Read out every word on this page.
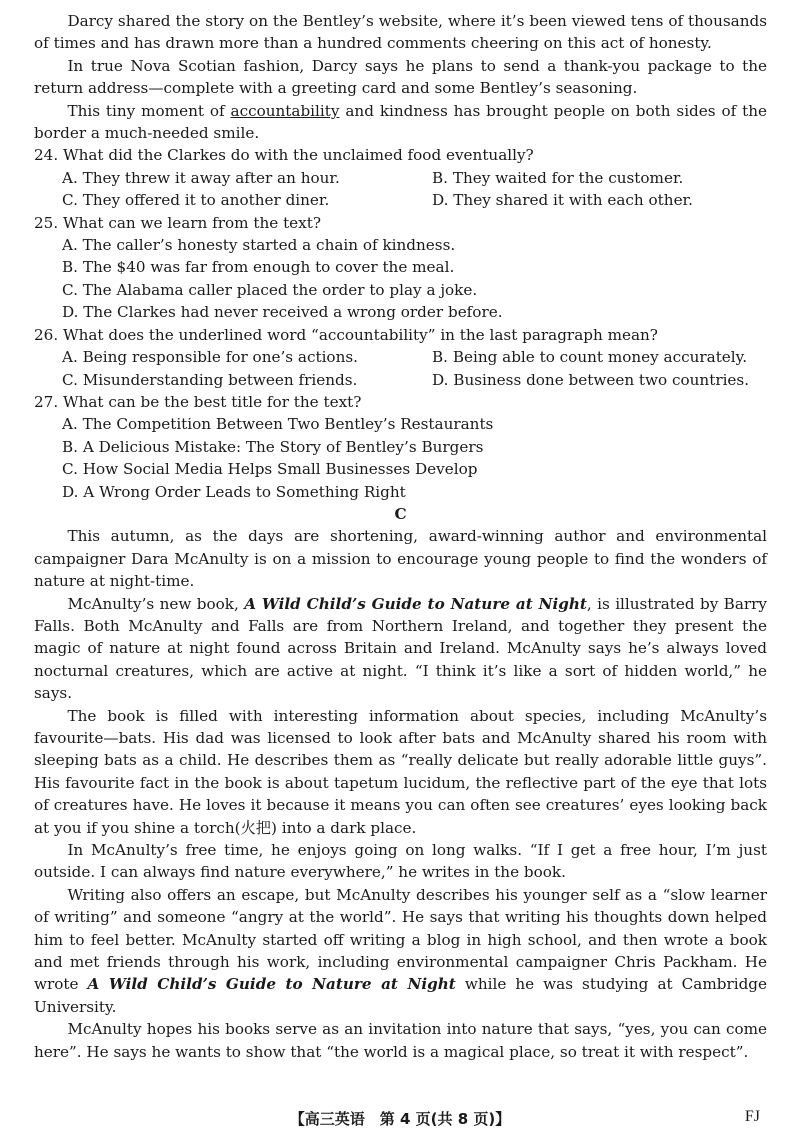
Darcy shared the story on the Bentley’s website, where it’s been viewed tens of thousands of times and has drawn more than a hundred comments cheering on this act of honesty.

In true Nova Scotian fashion, Darcy says he plans to send a thank-you package to the return address—complete with a greeting card and some Bentley’s seasoning.

This tiny moment of accountability and kindness has brought people on both sides of the border a much-needed smile.

24. What did the Clarkes do with the unclaimed food eventually?

A. They threw it away after an hour.	B. They waited for the customer.

C. They offered it to another diner.	D. They shared it with each other.

25. What can we learn from the text?

A. The caller’s honesty started a chain of kindness.

B. The $40 was far from enough to cover the meal.

C. The Alabama caller placed the order to play a joke.

D. The Clarkes had never received a wrong order before.

26. What does the underlined word “accountability” in the last paragraph mean?

A. Being responsible for one’s actions.	B. Being able to count money accurately.

C. Misunderstanding between friends.	D. Business done between two countries.

27. What can be the best title for the text?

A. The Competition Between Two Bentley’s Restaurants

B. A Delicious Mistake: The Story of Bentley’s Burgers

C. How Social Media Helps Small Businesses Develop

D. A Wrong Order Leads to Something Right

C

This autumn, as the days are shortening, award-winning author and environmental campaigner Dara McAnulty is on a mission to encourage young people to find the wonders of nature at night-time.

McAnulty’s new book, A Wild Child’s Guide to Nature at Night, is illustrated by Barry Falls. Both McAnulty and Falls are from Northern Ireland, and together they present the magic of nature at night found across Britain and Ireland. McAnulty says he’s always loved nocturnal creatures, which are active at night. “I think it’s like a sort of hidden world,” he says.

The book is filled with interesting information about species, including McAnulty’s favourite—bats. His dad was licensed to look after bats and McAnulty shared his room with sleeping bats as a child. He describes them as “really delicate but really adorable little guys”. His favourite fact in the book is about tapetum lucidum, the reflective part of the eye that lots of creatures have. He loves it because it means you can often see creatures’ eyes looking back at you if you shine a torch(火把) into a dark place.

In McAnulty’s free time, he enjoys going on long walks. “If I get a free hour, I’m just outside. I can always find nature everywhere,” he writes in the book.

Writing also offers an escape, but McAnulty describes his younger self as a “slow learner of writing” and someone “angry at the world”. He says that writing his thoughts down helped him to feel better. McAnulty started off writing a blog in high school, and then wrote a book and met friends through his work, including environmental campaigner Chris Packham. He wrote A Wild Child’s Guide to Nature at Night while he was studying at Cambridge University.

McAnulty hopes his books serve as an invitation into nature that says, “yes, you can come here”. He says he wants to show that “the world is a magical place, so treat it with respect”.

【高三英语　第 4 页(共 8 页)】	FJ
